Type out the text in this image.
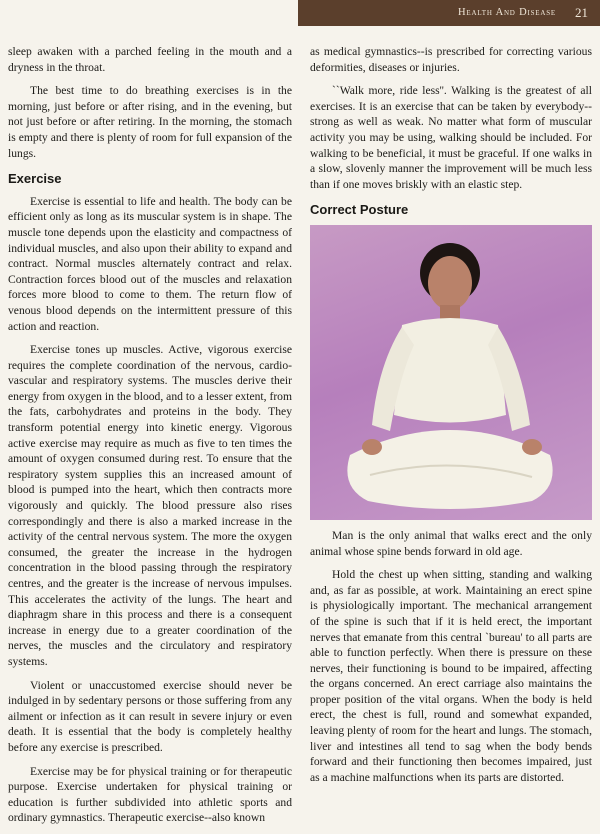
Health And Disease 21

sleep awaken with a parched feeling in the mouth and a dryness in the throat.

The best time to do breathing exercises is in the morning, just before or after rising, and in the evening, but not just before or after retiring. In the morning, the stomach is empty and there is plenty of room for full expansion of the lungs.

Exercise

Exercise is essential to life and health. The body can be efficient only as long as its muscular system is in shape. The muscle tone depends upon the elasticity and compactness of individual muscles, and also upon their ability to expand and contract. Normal muscles alternately contract and relax. Contraction forces blood out of the muscles and relaxation forces more blood to come to them. The return flow of venous blood depends on the intermittent pressure of this action and reaction.

Exercise tones up muscles. Active, vigorous exercise requires the complete coordination of the nervous, cardio-vascular and respiratory systems. The muscles derive their energy from oxygen in the blood, and to a lesser extent, from the fats, carbohydrates and proteins in the body. They transform potential energy into kinetic energy. Vigorous active exercise may require as much as five to ten times the amount of oxygen consumed during rest. To ensure that the respiratory system supplies this an increased amount of blood is pumped into the heart, which then contracts more vigorously and quickly. The blood pressure also rises correspondingly and there is also a marked increase in the activity of the central nervous system. The more the oxygen consumed, the greater the increase in the hydrogen concentration in the blood passing through the respiratory centres, and the greater is the increase of nervous impulses. This accelerates the activity of the lungs. The heart and diaphragm share in this process and there is a consequent increase in energy due to a greater coordination of the nerves, the muscles and the circulatory and respiratory systems.

Violent or unaccustomed exercise should never be indulged in by sedentary persons or those suffering from any ailment or infection as it can result in severe injury or even death. It is essential that the body is completely healthy before any exercise is prescribed.

Exercise may be for physical training or for therapeutic purpose. Exercise undertaken for physical training or education is further subdivided into athletic sports and ordinary gymnastics. Therapeutic exercise--also known

as medical gymnastics--is prescribed for correcting various deformities, diseases or injuries.

``Walk more, ride less''. Walking is the greatest of all exercises. It is an exercise that can be taken by everybody--strong as well as weak. No matter what form of muscular activity you may be using, walking should be included. For walking to be beneficial, it must be graceful. If one walks in a slow, slovenly manner the improvement will be much less than if one moves briskly with an elastic step.

Correct Posture

Man is the only animal that walks erect and the only animal whose spine bends forward in old age.

Hold the chest up when sitting, standing and walking and, as far as possible, at work. Maintaining an erect spine is physiologically important. The mechanical arrangement of the spine is such that if it is held erect, the important nerves that emanate from this central `bureau' to all parts are able to function perfectly. When there is pressure on these nerves, their functioning is bound to be impaired, affecting the organs concerned. An erect carriage also maintains the proper position of the vital organs. When the body is held erect, the chest is full, round and somewhat expanded, leaving plenty of room for the heart and lungs. The stomach, liver and intestines all tend to sag when the body bends forward and their functioning then becomes impaired, just as a machine malfunctions when its parts are distorted.
